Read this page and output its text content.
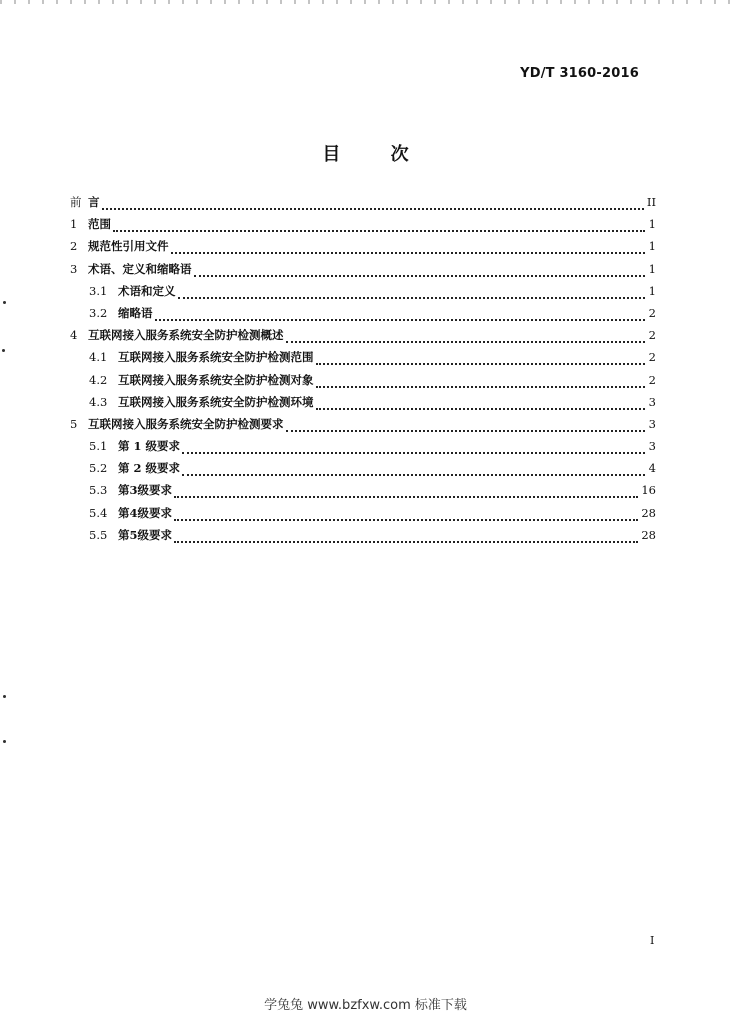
YD/T 3160-2016
目	次
前 言	II
1 范围	1
2 规范性引用文件	1
3 术语、定义和缩略语	1
3.1 术语和定义	1
3.2 缩略语	2
4 互联网接入服务系统安全防护检测概述	2
4.1 互联网接入服务系统安全防护检测范围	2
4.2 互联网接入服务系统安全防护检测对象	2
4.3 互联网接入服务系统安全防护检测环境	3
5 互联网接入服务系统安全防护检测要求	3
5.1 第 1 级要求	3
5.2 第 2 级要求	4
5.3 第3级要求	16
5.4 第4级要求	28
5.5 第5级要求	28
I
学兔兔 www.bzfxw.com 标准下载
